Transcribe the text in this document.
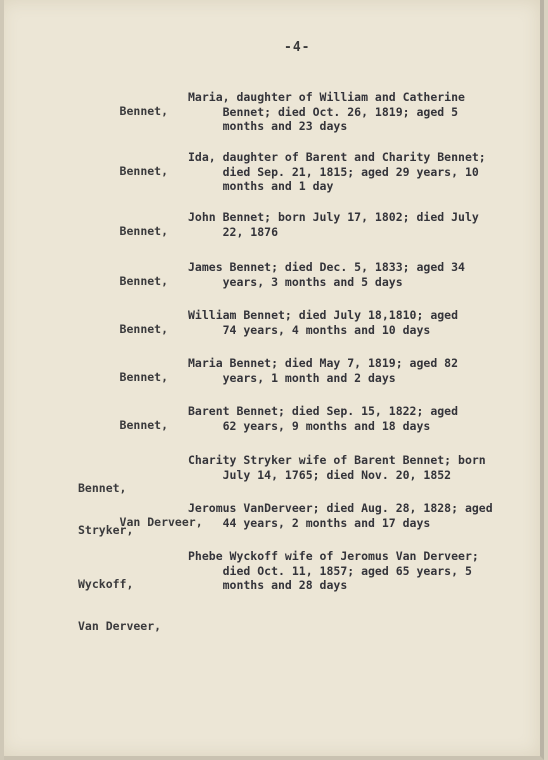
-4-

Bennet,

Maria, daughter of William and Catherine
Bennet; died Oct. 26, 1819; aged 5
months and 23 days

Bennet,

Ida, daughter of Barent and Charity Bennet;
died Sep. 21, 1815; aged 29 years, 10
months and 1 day

Bennet,

John Bennet; born July 17, 1802; died July
22, 1876

Bennet,

James Bennet; died Dec. 5, 1833; aged 34
years, 3 months and 5 days

Bennet,

William Bennet; died July 18,1810; aged
74 years, 4 months and 10 days

Bennet,

Maria Bennet; died May 7, 1819; aged 82
years, 1 month and 2 days

Bennet,

Barent Bennet; died Sep. 15, 1822; aged
62 years, 9 months and 18 days

Bennet,

Stryker,

Charity Stryker wife of Barent Bennet; born
July 14, 1765; died Nov. 20, 1852

Van Derveer,

Jeromus VanDerveer; died Aug. 28, 1828; aged
44 years, 2 months and 17 days

Wyckoff,

Van Derveer,

Phebe Wyckoff wife of Jeromus Van Derveer;
died Oct. 11, 1857; aged 65 years, 5
months and 28 days
